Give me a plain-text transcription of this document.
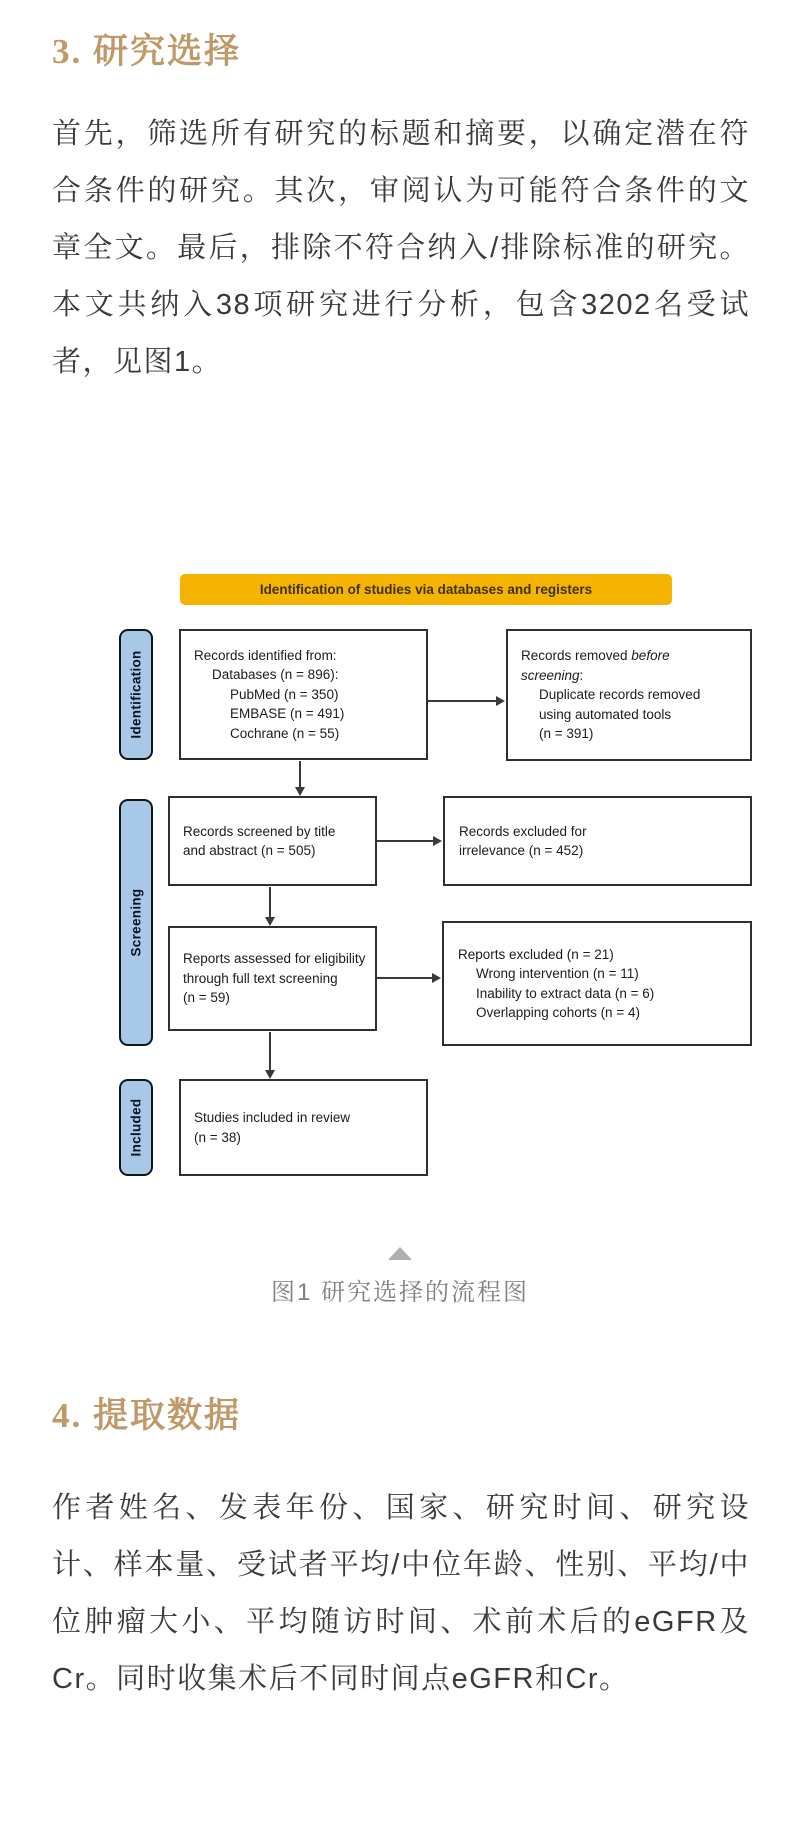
3. 研究选择

首先，筛选所有研究的标题和摘要，以确定潜在符合条件的研究。其次，审阅认为可能符合条件的文章全文。最后，排除不符合纳入/排除标准的研究。本文共纳入38项研究进行分析，包含3202名受试者，见图1。

Identification of studies via databases and registers
Identification
Screening
Included
Records identified from:
Databases (n = 896):
PubMed (n = 350)
EMBASE (n = 491)
Cochrane (n = 55)
Records removed before
screening:
Duplicate records removed
using automated tools
(n = 391)
Records screened by title
and abstract (n = 505)
Records excluded for
irrelevance (n = 452)
Reports assessed for eligibility
through full text screening
(n = 59)
Reports excluded (n = 21)
Wrong intervention (n = 11)
Inability to extract data (n = 6)
Overlapping cohorts (n = 4)
Studies included in review
(n = 38)

图1 研究选择的流程图

4. 提取数据

作者姓名、发表年份、国家、研究时间、研究设计、样本量、受试者平均/中位年龄、性别、平均/中位肿瘤大小、平均随访时间、术前术后的eGFR及Cr。同时收集术后不同时间点eGFR和Cr。
